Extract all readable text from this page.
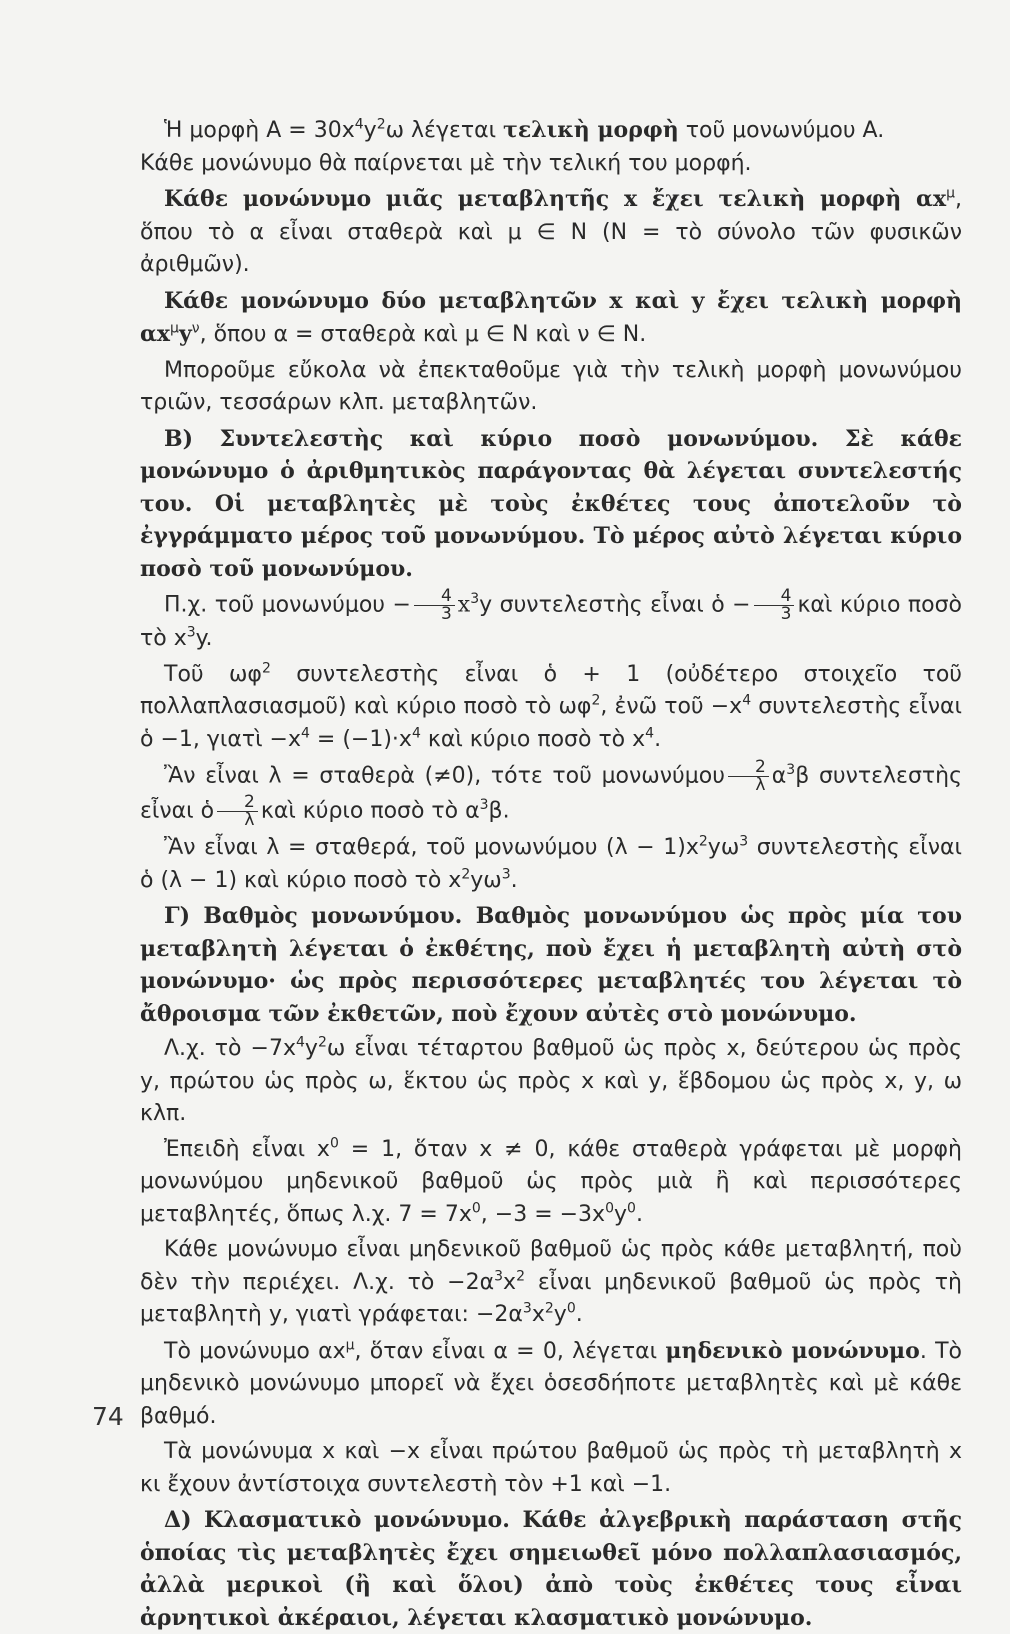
Ἡ μορφὴ $A = 30x^4y^2\omega$ λέγεται τελικὴ μορφὴ τοῦ μονωνύμου A.
Κάθε μονώνυμο θὰ παίρνεται μὲ τὴν τελική του μορφή.

Κάθε μονώνυμο μιᾶς μεταβλητῆς x ἔχει τελικὴ μορφὴ $\alpha x^\mu$, ὅπου τὸ α εἶναι σταθερὰ καὶ μ ∈ N (N = τὸ σύνολο τῶν φυσικῶν ἀριθμῶν).

Κάθε μονώνυμο δύο μεταβλητῶν x καὶ y ἔχει τελικὴ μορφὴ $\alpha x^\mu y^\nu$, ὅπου α = σταθερὰ καὶ μ ∈ N καὶ ν ∈ N.

Μποροῦμε εὔκολα νὰ ἐπεκταθοῦμε γιὰ τὴν τελικὴ μορφὴ μονωνύμου τριῶν, τεσσάρων κλπ. μεταβλητῶν.

Β) Συντελεστὴς καὶ κύριο ποσὸ μονωνύμου. Σὲ κάθε μονώνυμο ὁ ἀριθμητικὸς παράγοντας θὰ λέγεται συντελεστής του. Οἱ μεταβλητὲς μὲ τοὺς ἐκθέτες τους ἀποτελοῦν τὸ ἐγγράμματο μέρος τοῦ μονωνύμου. Τὸ μέρος αὐτὸ λέγεται κύριο ποσὸ τοῦ μονωνύμου.

Π.χ. τοῦ $\mu o\nu\omega\nu ύ\mu o\upsilon - \frac{4}{3} x^3y$ συντελεστὴς εἶναι ὁ − $\frac{4}{3}$ καὶ κύριο ποσὸ τὸ $x^3y$.

Τοῦ $\omega\varphi^2$ συντελεστὴς εἶναι ὁ + 1 (οὐδέτερο στοιχεῖο τοῦ πολλαπλασιασμοῦ) καὶ κύριο ποσὸ τὸ $\omega\varphi^2$, ἐνῶ τοῦ $-x^4$ συντελεστὴς εἶναι ὁ −1, γιατὶ $-x^4 = (-1)\cdot x^4$ καὶ κύριο ποσὸ τὸ $x^4$.

Ἂν εἶναι λ = σταθερὰ (≠0), τότε τοῦ μονωνύμου $\frac{2}{\lambda} \alpha^3\beta$ συντελεστὴς εἶναι ὁ $\frac{2}{\lambda}$ καὶ κύριο ποσὸ τὸ $\alpha^3\beta$.

Ἂν εἶναι λ = σταθερά, τοῦ μονωνύμου $(\lambda - 1)x^2y\omega^3$ συντελεστὴς εἶναι ὁ (λ − 1) καὶ κύριο ποσὸ τὸ $x^2y\omega^3$.

Γ) Βαθμὸς μονωνύμου. Βαθμὸς μονωνύμου ὡς πρὸς μία του μεταβλητὴ λέγεται ὁ ἐκθέτης, ποὺ ἔχει ἡ μεταβλητὴ αὐτὴ στὸ μονώνυμο· ὡς πρὸς περισσότερες μεταβλητές του λέγεται τὸ ἄθροισμα τῶν ἐκθετῶν, ποὺ ἔχουν αὐτὲς στὸ μονώνυμο.

Λ.χ. τὸ $-7x^4y^2\omega$ εἶναι τέταρτου βαθμοῦ ὡς πρὸς x, δεύτερου ὡς πρὸς y, πρώτου ὡς πρὸς ω, ἕκτου ὡς πρὸς x καὶ y, ἕβδομου ὡς πρὸς x, y, ω κλπ.

Ἐπειδὴ εἶναι $x^0 = 1$, ὅταν x ≠ 0, κάθε σταθερὰ γράφεται μὲ μορφὴ μονωνύμου μηδενικοῦ βαθμοῦ ὡς πρὸς μιὰ ἢ καὶ περισσότερες μεταβλητές, ὅπως λ.χ. $7 = 7x^0$, $-3 = -3x^0y^0$.

Κάθε μονώνυμο εἶναι μηδενικοῦ βαθμοῦ ὡς πρὸς κάθε μεταβλητή, ποὺ δὲν τὴν περιέχει. Λ.χ. τὸ $-2\alpha^3x^2$ εἶναι μηδενικοῦ βαθμοῦ ὡς πρὸς τὴ μεταβλητὴ y, γιατὶ γράφεται: $-2\alpha^3x^2y^0$.

Τὸ μονώνυμο $\alpha x^\mu$, ὅταν εἶναι α = 0, λέγεται μηδενικὸ μονώνυμο. Τὸ μηδενικὸ μονώνυμο μπορεῖ νὰ ἔχει ὁσεσδήποτε μεταβλητὲς καὶ μὲ κάθε βαθμό.

Τὰ μονώνυμα x καὶ −x εἶναι πρώτου βαθμοῦ ὡς πρὸς τὴ μεταβλητὴ x κι ἔχουν ἀντίστοιχα συντελεστὴ τὸν +1 καὶ −1.

Δ) Κλασματικὸ μονώνυμο. Κάθε ἀλγεβρικὴ παράσταση στῆς ὁποίας τὶς μεταβλητὲς ἔχει σημειωθεῖ μόνο πολλαπλασιασμός, ἀλλὰ μερικοὶ (ἢ καὶ ὅλοι) ἀπὸ τοὺς ἐκθέτες τους εἶναι ἀρνητικοὶ ἀκέραιοι, λέγεται κλασματικὸ μονώνυμο.

74
